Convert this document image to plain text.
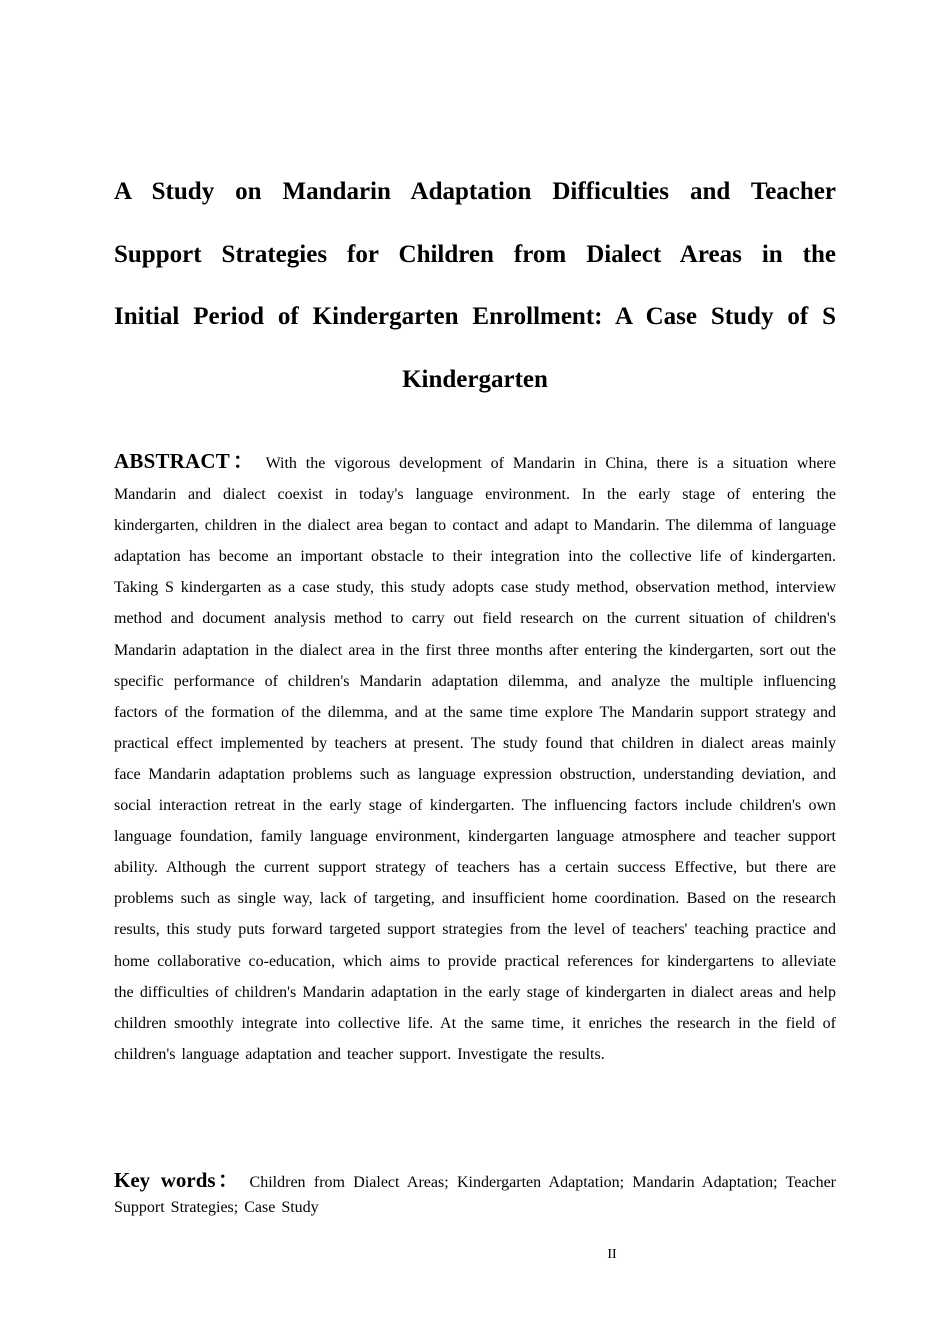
A Study on Mandarin Adaptation Difficulties and Teacher Support Strategies for Children from Dialect Areas in the Initial Period of Kindergarten Enrollment: A Case Study of S Kindergarten

ABSTRACT： With the vigorous development of Mandarin in China, there is a situation where Mandarin and dialect coexist in today's language environment. In the early stage of entering the kindergarten, children in the dialect area began to contact and adapt to Mandarin. The dilemma of language adaptation has become an important obstacle to their integration into the collective life of kindergarten. Taking S kindergarten as a case study, this study adopts case study method, observation method, interview method and document analysis method to carry out field research on the current situation of children's Mandarin adaptation in the dialect area in the first three months after entering the kindergarten, sort out the specific performance of children's Mandarin adaptation dilemma, and analyze the multiple influencing factors of the formation of the dilemma, and at the same time explore The Mandarin support strategy and practical effect implemented by teachers at present. The study found that children in dialect areas mainly face Mandarin adaptation problems such as language expression obstruction, understanding deviation, and social interaction retreat in the early stage of kindergarten. The influencing factors include children's own language foundation, family language environment, kindergarten language atmosphere and teacher support ability. Although the current support strategy of teachers has a certain success Effective, but there are problems such as single way, lack of targeting, and insufficient home coordination. Based on the research results, this study puts forward targeted support strategies from the level of teachers' teaching practice and home collaborative co-education, which aims to provide practical references for kindergartens to alleviate the difficulties of children's Mandarin adaptation in the early stage of kindergarten in dialect areas and help children smoothly integrate into collective life. At the same time, it enriches the research in the field of children's language adaptation and teacher support. Investigate the results.

Key words： Children from Dialect Areas; Kindergarten Adaptation; Mandarin Adaptation; Teacher Support Strategies; Case Study

II
